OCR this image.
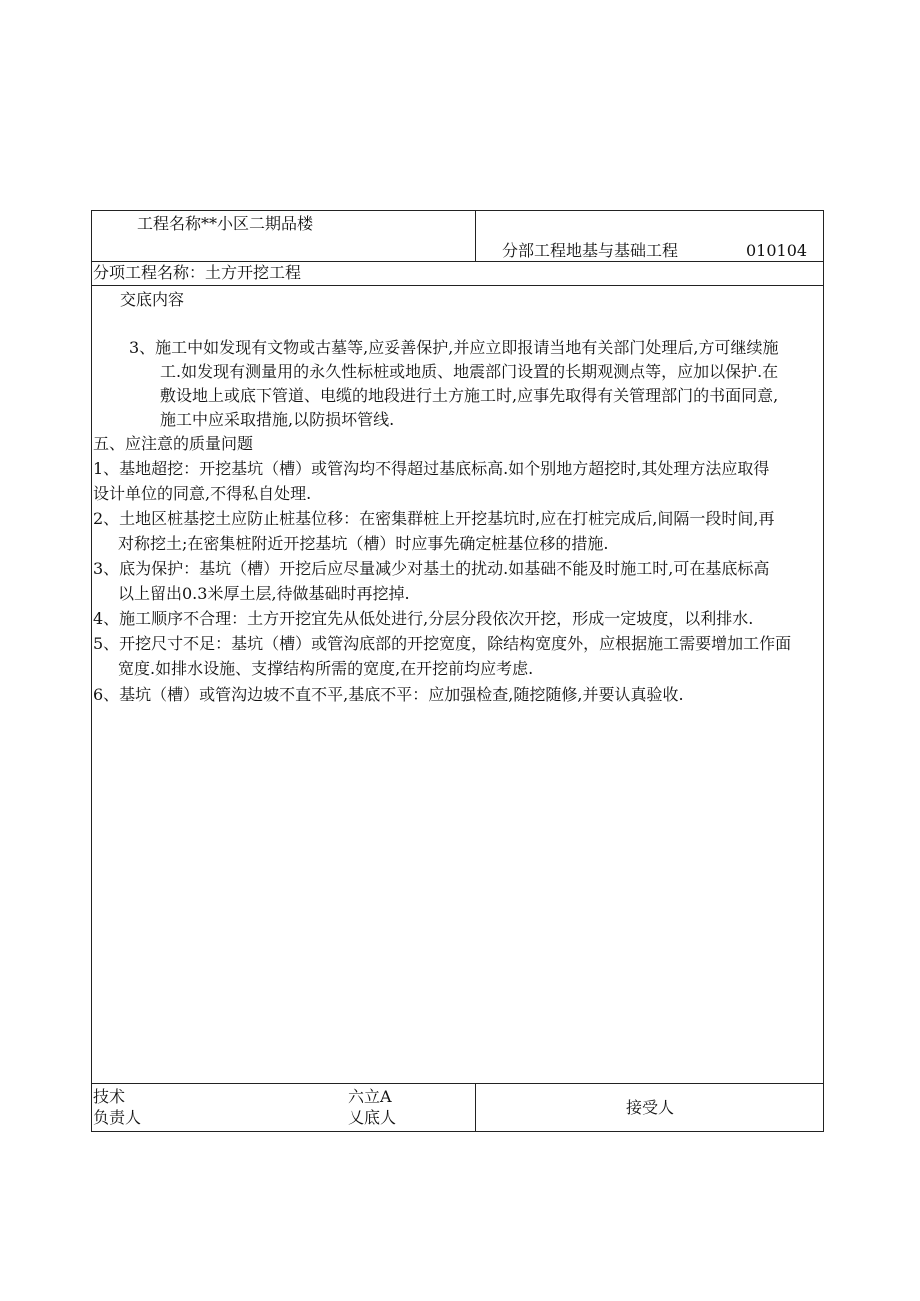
工程名称**小区二期品楼
分部工程地基与基础工程	010104
分项工程名称：土方开挖工程
交底内容
3、施工中如发现有文物或古墓等,应妥善保护,并应立即报请当地有关部门处理后,方可继续施
工.如发现有测量用的永久性标桩或地质、地震部门设置的长期观测点等，应加以保护.在
敷设地上或底下管道、电缆的地段进行土方施工时,应事先取得有关管理部门的书面同意,
施工中应采取措施,以防损坏管线.
五、应注意的质量问题
1、基地超挖：开挖基坑（槽）或管沟均不得超过基底标高.如个别地方超挖时,其处理方法应取得
设计单位的同意,不得私自处理.
2、土地区桩基挖土应防止桩基位移：在密集群桩上开挖基坑时,应在打桩完成后,间隔一段时间,再
对称挖土;在密集桩附近开挖基坑（槽）时应事先确定桩基位移的措施.
3、底为保护：基坑（槽）开挖后应尽量减少对基土的扰动.如基础不能及时施工时,可在基底标高
以上留出0.3米厚土层,待做基础时再挖掉.
4、施工顺序不合理：土方开挖宜先从低处进行,分层分段依次开挖，形成一定坡度，以利排水.
5、开挖尺寸不足：基坑（槽）或管沟底部的开挖宽度，除结构宽度外，应根据施工需要增加工作面
宽度.如排水设施、支撑结构所需的宽度,在开挖前均应考虑.
6、基坑（槽）或管沟边坡不直不平,基底不平：应加强检查,随挖随修,并要认真验收.
技术
负责人
六立A
乂底人
接受人
